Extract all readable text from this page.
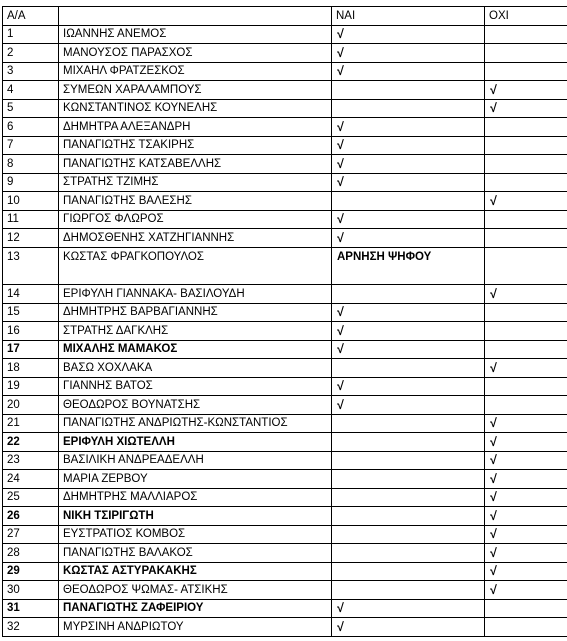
Α/Α		ΝΑΙ	ΟΧΙ
1	ΙΩΑΝΝΗΣ ΑΝΕΜΟΣ	√	
2	ΜΑΝΟΥΣΟΣ ΠΑΡΑΣΧΟΣ	√	
3	ΜΙΧΑΗΛ ΦΡΑΤΖΕΣΚΟΣ	√	
4	ΣΥΜΕΩΝ ΧΑΡΑΛΑΜΠΟΥΣ		√
5	ΚΩΝΣΤΑΝΤΙΝΟΣ ΚΟΥΝΕΛΗΣ		√
6	ΔΗΜΗΤΡΑ ΑΛΕΞΑΝΔΡΗ	√	
7	ΠΑΝΑΓΙΩΤΗΣ ΤΣΑΚΙΡΗΣ	√	
8	ΠΑΝΑΓΙΩΤΗΣ ΚΑΤΣΑΒΕΛΛΗΣ	√	
9	ΣΤΡΑΤΗΣ ΤΖΙΜΗΣ	√	
10	ΠΑΝΑΓΙΩΤΗΣ ΒΑΛΕΣΗΣ		√
11	ΓΙΩΡΓΟΣ ΦΛΩΡΟΣ	√	
12	ΔΗΜΟΣΘΕΝΗΣ ΧΑΤΖΗΓΙΑΝΝΗΣ	√	
13	ΚΩΣΤΑΣ ΦΡΑΓΚΟΠΟΥΛΟΣ	ΑΡΝΗΣΗ ΨΗΦΟΥ	
14	ΕΡΙΦΥΛΗ ΓΙΑΝΝΑΚΑ- ΒΑΣΙΛΟΥΔΗ		√
15	ΔΗΜΗΤΡΗΣ ΒΑΡΒΑΓΙΑΝΝΗΣ	√	
16	ΣΤΡΑΤΗΣ ΔΑΓΚΛΗΣ	√	
17	ΜΙΧΑΛΗΣ ΜΑΜΑΚΟΣ	√	
18	ΒΑΣΩ ΧΟΧΛΑΚΑ		√
19	ΓΙΑΝΝΗΣ ΒΑΤΟΣ	√	
20	ΘΕΟΔΩΡΟΣ ΒΟΥΝΑΤΣΗΣ	√	
21	ΠΑΝΑΓΙΩΤΗΣ ΑΝΔΡΙΩΤΗΣ-ΚΩΝΣΤΑΝΤΙΟΣ		√
22	ΕΡΙΦΥΛΗ ΧΙΩΤΕΛΛΗ		√
23	ΒΑΣΙΛΙΚΗ ΑΝΔΡΕΑΔΕΛΛΗ		√
24	ΜΑΡΙΑ ΖΕΡΒΟΥ		√
25	ΔΗΜΗΤΡΗΣ ΜΑΛΛΙΑΡΟΣ		√
26	ΝΙΚΗ ΤΣΙΡΙΓΩΤΗ		√
27	ΕΥΣΤΡΑΤΙΟΣ ΚΟΜΒΟΣ		√
28	ΠΑΝΑΓΙΩΤΗΣ ΒΑΛΑΚΟΣ		√
29	ΚΩΣΤΑΣ ΑΣΤΥΡΑΚΑΚΗΣ		√
30	ΘΕΟΔΩΡΟΣ ΨΩΜΑΣ- ΑΤΣΙΚΗΣ		√
31	ΠΑΝΑΓΙΩΤΗΣ ΖΑΦΕΙΡΙΟΥ	√	
32	ΜΥΡΣΙΝΗ ΑΝΔΡΙΩΤΟΥ	√	
